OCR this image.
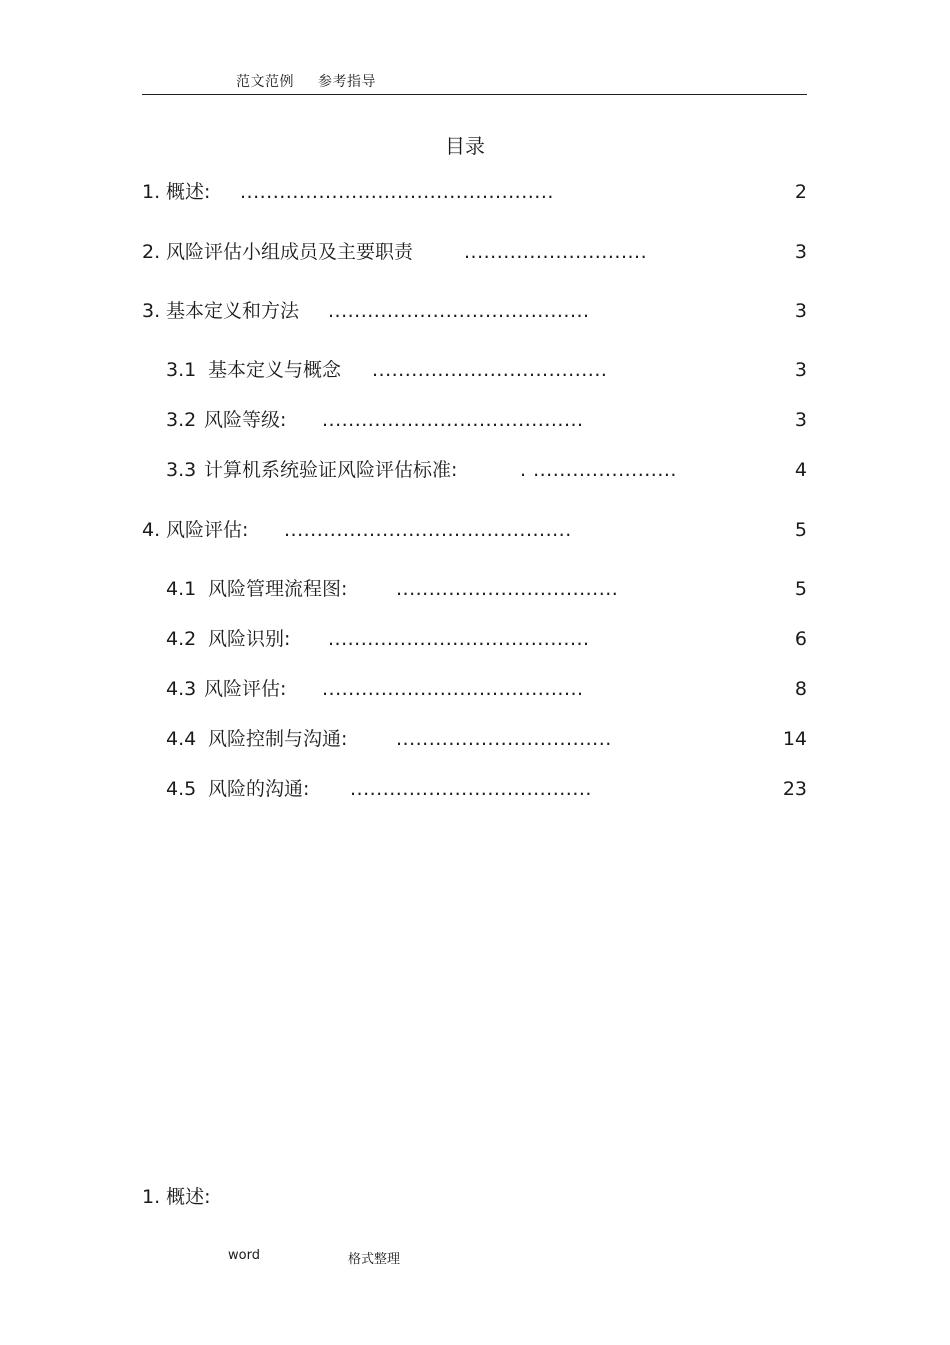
范文范例 参考指导
目录
1. 概述: ................................................	2
2. 风险评估小组成员及主要职责	............................	3
3. 基本定义和方法 ........................................	3
3.1 基本定义与概念 ....................................	3
3.2 风险等级: ........................................	3
3.3 计算机系统验证风险评估标准:	. ......................	4
4. 风险评估: ............................................	5
4.1 风险管理流程图:	..................................	5
4.2 风险识别: ........................................	6
4.3 风险评估: ........................................	8
4.4 风险控制与沟通:	.................................	14
4.5 风险的沟通: .....................................	23
1. 概述:
word	格式整理
